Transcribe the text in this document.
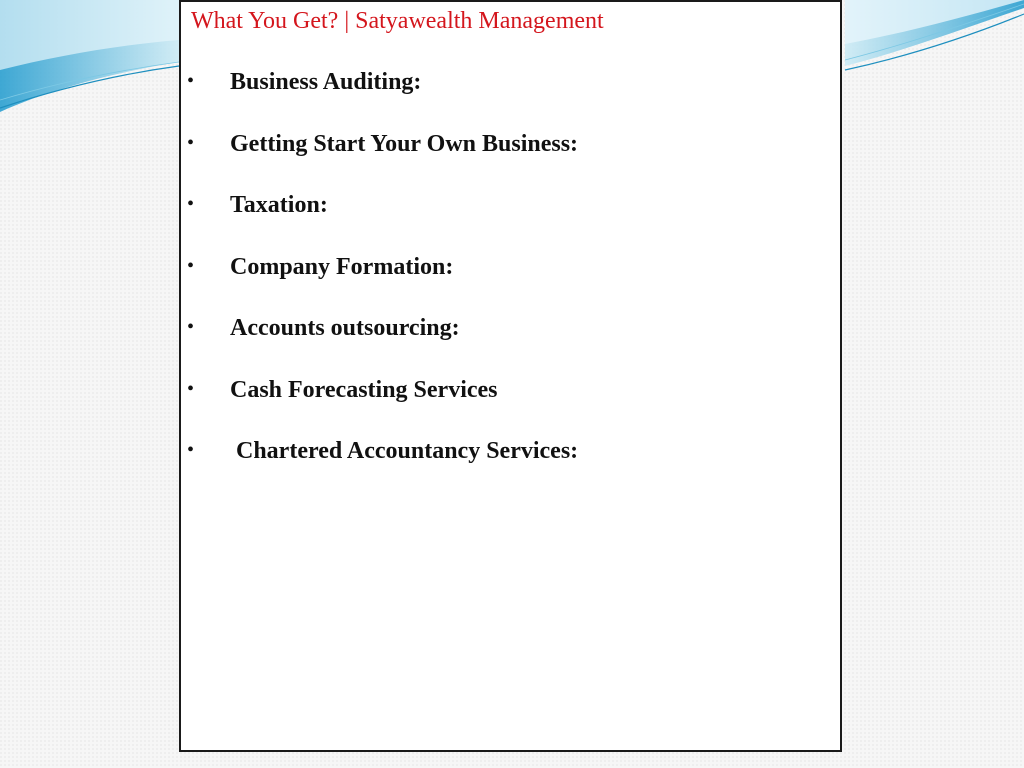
What You Get? | Satyawealth Management
• Business Auditing:
• Getting Start Your Own Business:
• Taxation:
• Company Formation:
• Accounts outsourcing:
• Cash Forecasting Services
• Chartered Accountancy Services:
